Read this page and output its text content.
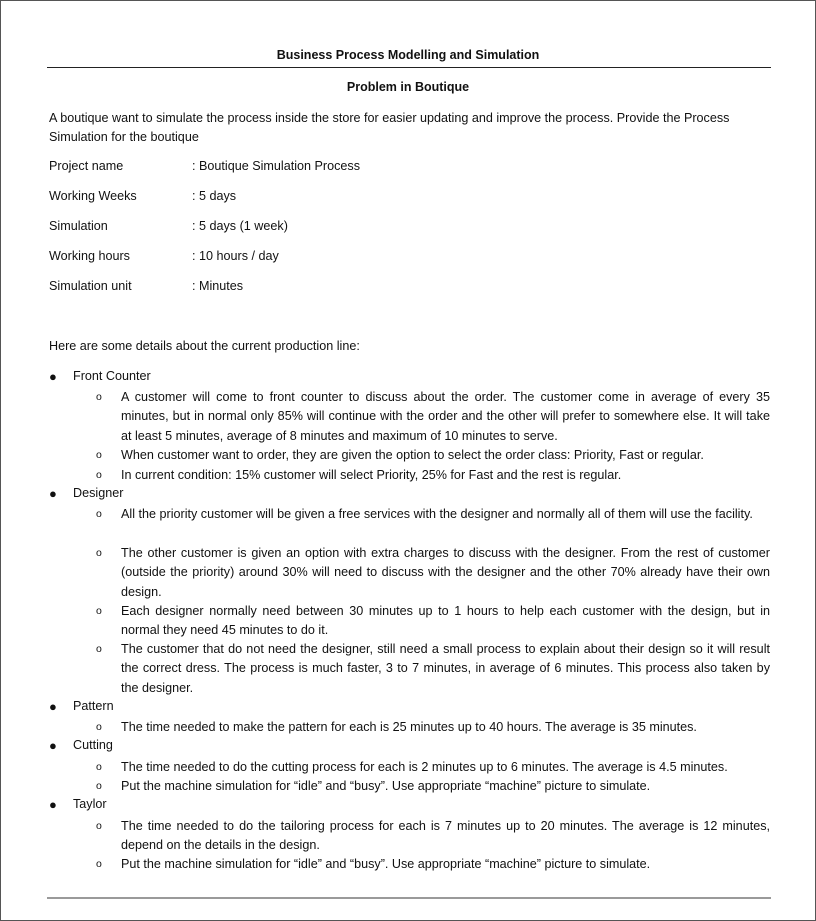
Business Process Modelling and Simulation
Problem in Boutique
A boutique want to simulate the process inside the store for easier updating and improve the process. Provide the Process Simulation for the boutique
Project name	: Boutique Simulation Process
Working Weeks	: 5 days
Simulation	: 5 days (1 week)
Working hours	: 10 hours / day
Simulation unit	: Minutes
Here are some details about the current production line:
● Front Counter
o A customer will come to front counter to discuss about the order. The customer come in average of every 35 minutes, but in normal only 85% will continue with the order and the other will prefer to somewhere else. It will take at least 5 minutes, average of 8 minutes and maximum of 10 minutes to serve.
o When customer want to order, they are given the option to select the order class: Priority, Fast or regular.
o In current condition: 15% customer will select Priority, 25% for Fast and the rest is regular.
● Designer
o All the priority customer will be given a free services with the designer and normally all of them will use the facility.
o The other customer is given an option with extra charges to discuss with the designer. From the rest of customer (outside the priority) around 30% will need to discuss with the designer and the other 70% already have their own design.
o Each designer normally need between 30 minutes up to 1 hours to help each customer with the design, but in normal they need 45 minutes to do it.
o The customer that do not need the designer, still need a small process to explain about their design so it will result the correct dress. The process is much faster, 3 to 7 minutes, in average of 6 minutes. This process also taken by the designer.
● Pattern
o The time needed to make the pattern for each is 25 minutes up to 40 hours. The average is 35 minutes.
● Cutting
o The time needed to do the cutting process for each is 2 minutes up to 6 minutes. The average is 4.5 minutes.
o Put the machine simulation for “idle” and “busy”. Use appropriate “machine” picture to simulate.
● Taylor
o The time needed to do the tailoring process for each is 7 minutes up to 20 minutes. The average is 12 minutes, depend on the details in the design.
o Put the machine simulation for “idle” and “busy”. Use appropriate “machine” picture to simulate.
